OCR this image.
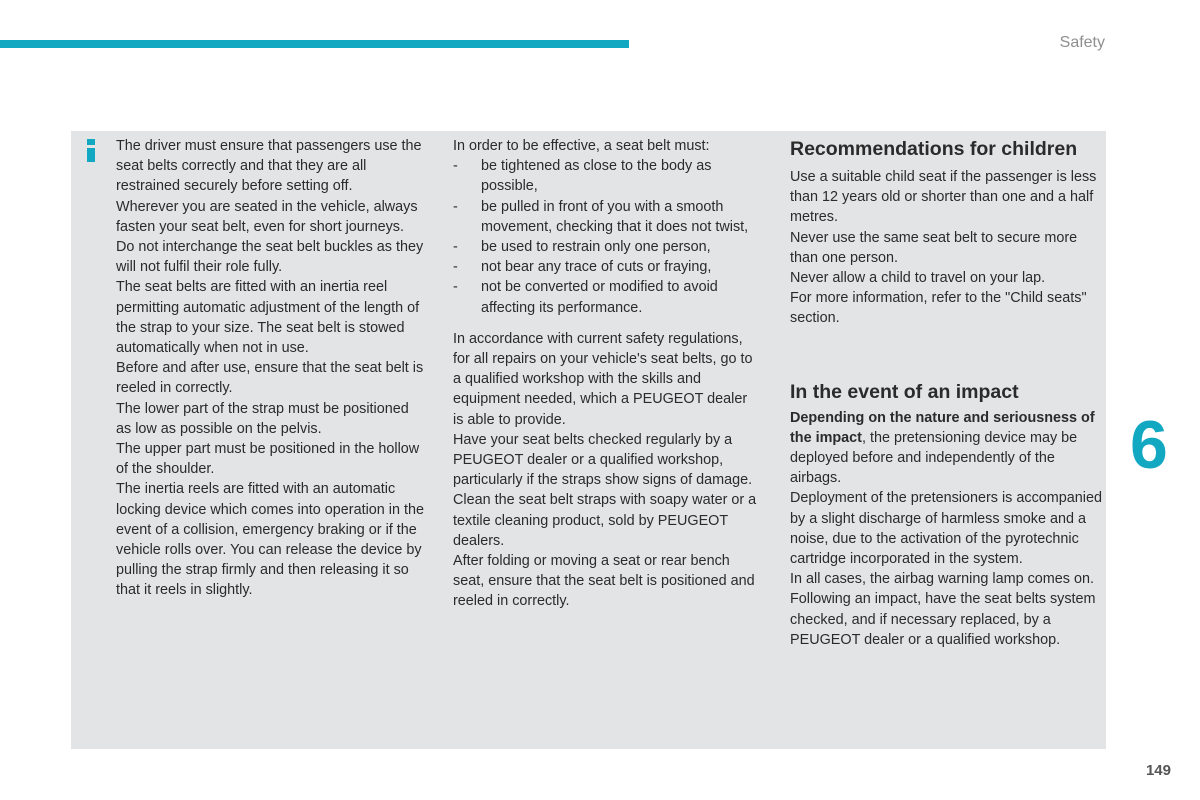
Safety

The driver must ensure that passengers use the seat belts correctly and that they are all restrained securely before setting off.

Wherever you are seated in the vehicle, always fasten your seat belt, even for short journeys.

Do not interchange the seat belt buckles as they will not fulfil their role fully.

The seat belts are fitted with an inertia reel permitting automatic adjustment of the length of the strap to your size. The seat belt is stowed automatically when not in use.

Before and after use, ensure that the seat belt is reeled in correctly.

The lower part of the strap must be positioned as low as possible on the pelvis.

The upper part must be positioned in the hollow of the shoulder.

The inertia reels are fitted with an automatic locking device which comes into operation in the event of a collision, emergency braking or if the vehicle rolls over. You can release the device by pulling the strap firmly and then releasing it so that it reels in slightly.

In order to be effective, a seat belt must:

- be tightened as close to the body as possible,
- be pulled in front of you with a smooth movement, checking that it does not twist,
- be used to restrain only one person,
- not bear any trace of cuts or fraying,
- not be converted or modified to avoid affecting its performance.

In accordance with current safety regulations, for all repairs on your vehicle's seat belts, go to a qualified workshop with the skills and equipment needed, which a PEUGEOT dealer is able to provide.

Have your seat belts checked regularly by a PEUGEOT dealer or a qualified workshop, particularly if the straps show signs of damage.

Clean the seat belt straps with soapy water or a textile cleaning product, sold by PEUGEOT dealers.

After folding or moving a seat or rear bench seat, ensure that the seat belt is positioned and reeled in correctly.

Recommendations for children

Use a suitable child seat if the passenger is less than 12 years old or shorter than one and a half metres.

Never use the same seat belt to secure more than one person.

Never allow a child to travel on your lap.

For more information, refer to the "Child seats" section.

In the event of an impact

Depending on the nature and seriousness of the impact, the pretensioning device may be deployed before and independently of the airbags.

Deployment of the pretensioners is accompanied by a slight discharge of harmless smoke and a noise, due to the activation of the pyrotechnic cartridge incorporated in the system.

In all cases, the airbag warning lamp comes on.

Following an impact, have the seat belts system checked, and if necessary replaced, by a PEUGEOT dealer or a qualified workshop.

6
149
